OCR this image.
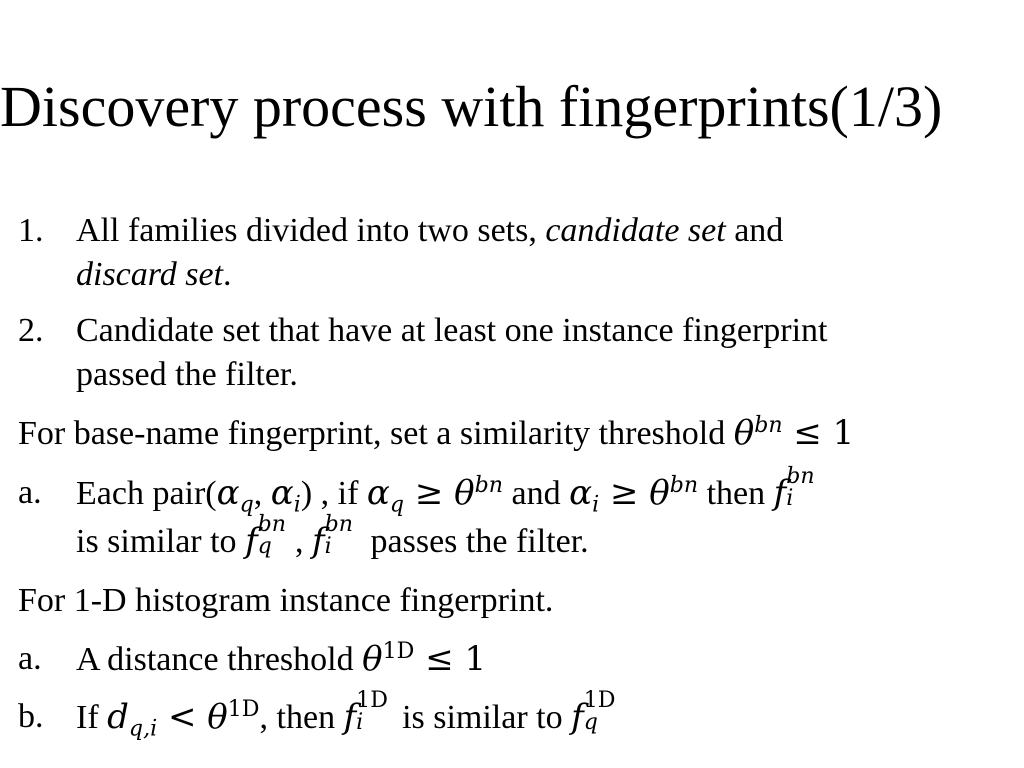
Discovery process with fingerprints(1/3)
1. All families divided into two sets, candidate set and
discard set.
2. Candidate set that have at least one instance fingerprint
passed the filter.
For base-name fingerprint, set a similarity threshold $\theta^{bn} \le 1$
a. Each $pair(\alpha_q$, $\alpha_i$) , if $\alpha_q \ge \theta^{bn}$ and $\alpha_i \ge \theta^{bn}$ then f bn
i
is similar to f bn
q , f bn
i passes the filter.
For 1-D histogram instance fingerprint.
a. A distance threshold $\theta^{1D} \le 1$
b. If $d_{q,i} < \theta^{1D}$, then f 1D
i is similar to f 1D
q
